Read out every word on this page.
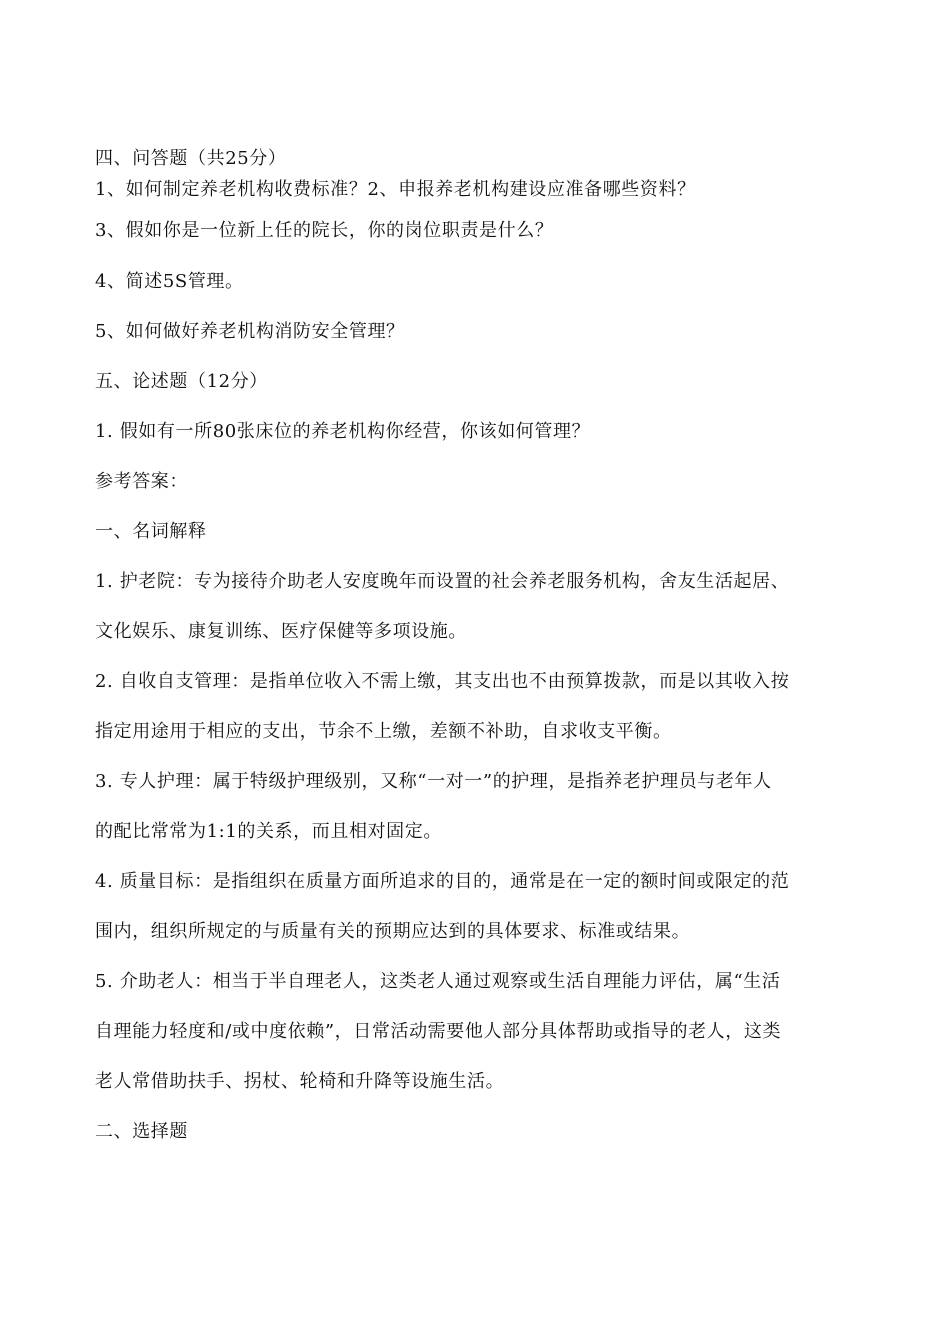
四、问答题（共25分）
1、如何制定养老机构收费标准？2、申报养老机构建设应准备哪些资料？
3、假如你是一位新上任的院长，你的岗位职责是什么？
4、简述5S管理。
5、如何做好养老机构消防安全管理？
五、论述题（12分）
1. 假如有一所80张床位的养老机构你经营，你该如何管理？
参考答案：
一、名词解释
1. 护老院：专为接待介助老人安度晚年而设置的社会养老服务机构，舍友生活起居、
文化娱乐、康复训练、医疗保健等多项设施。
2. 自收自支管理：是指单位收入不需上缴，其支出也不由预算拨款，而是以其收入按
指定用途用于相应的支出，节余不上缴，差额不补助，自求收支平衡。
3. 专人护理：属于特级护理级别，又称“一对一”的护理，是指养老护理员与老年人
的配比常常为1:1的关系，而且相对固定。
4. 质量目标：是指组织在质量方面所追求的目的，通常是在一定的额时间或限定的范
围内，组织所规定的与质量有关的预期应达到的具体要求、标准或结果。
5. 介助老人：相当于半自理老人，这类老人通过观察或生活自理能力评估，属“生活
自理能力轻度和/或中度依赖”，日常活动需要他人部分具体帮助或指导的老人，这类
老人常借助扶手、拐杖、轮椅和升降等设施生活。
二、选择题
